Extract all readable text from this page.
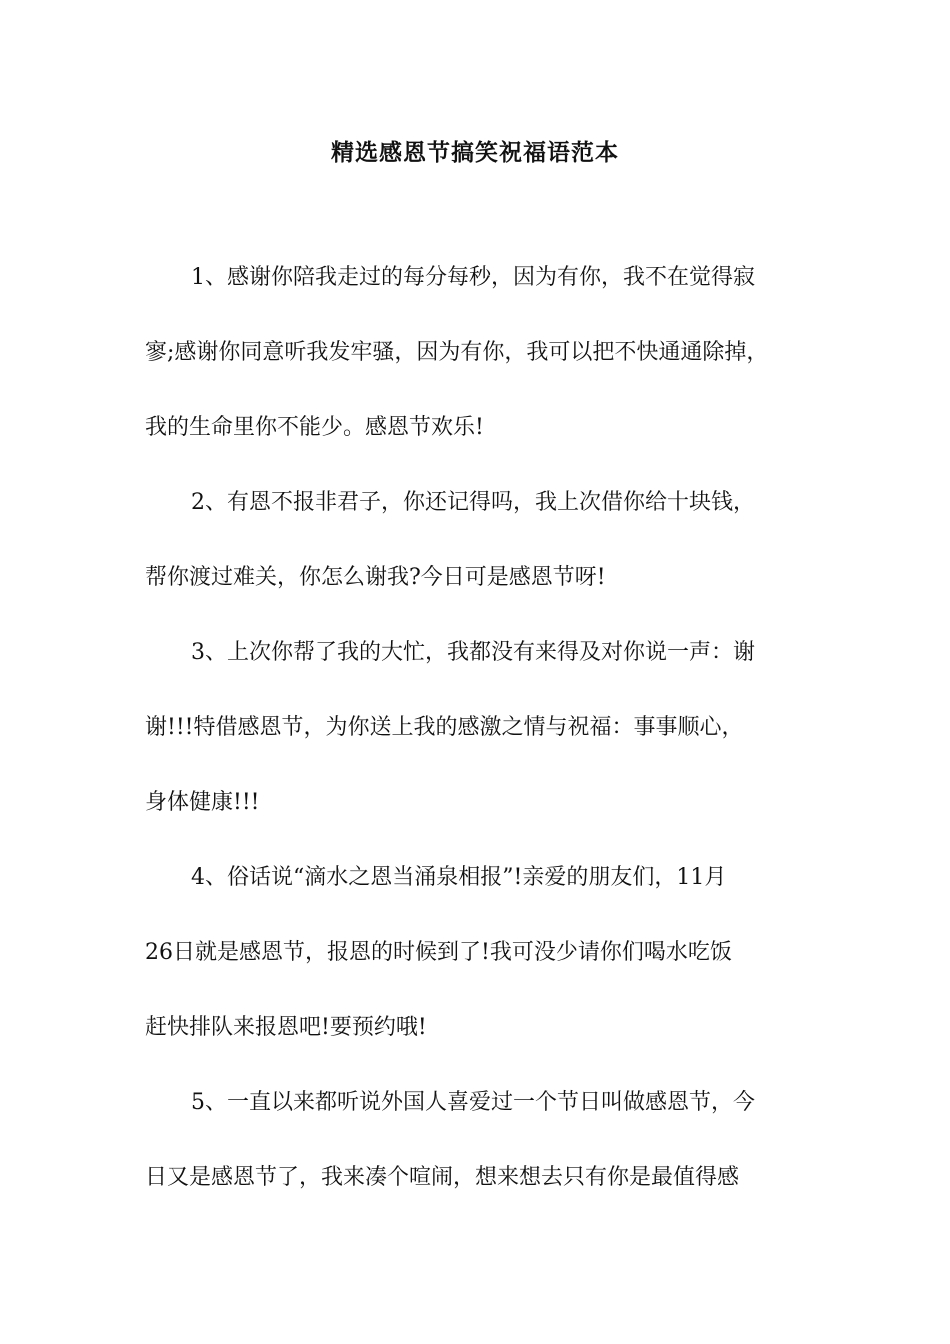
精选感恩节搞笑祝福语范本
1、感谢你陪我走过的每分每秒，因为有你，我不在觉得寂
寥;感谢你同意听我发牢骚，因为有你，我可以把不快通通除掉，
我的生命里你不能少。感恩节欢乐!
2、有恩不报非君子，你还记得吗，我上次借你给十块钱，
帮你渡过难关，你怎么谢我?今日可是感恩节呀!
3、上次你帮了我的大忙，我都没有来得及对你说一声：谢
谢!!!特借感恩节，为你送上我的感激之情与祝福：事事顺心，
身体健康!!!
4、俗话说“滴水之恩当涌泉相报”!亲爱的朋友们，11月
26日就是感恩节，报恩的时候到了!我可没少请你们喝水吃饭
赶快排队来报恩吧!要预约哦!
5、一直以来都听说外国人喜爱过一个节日叫做感恩节，今
日又是感恩节了，我来凑个喧闹，想来想去只有你是最值得感
